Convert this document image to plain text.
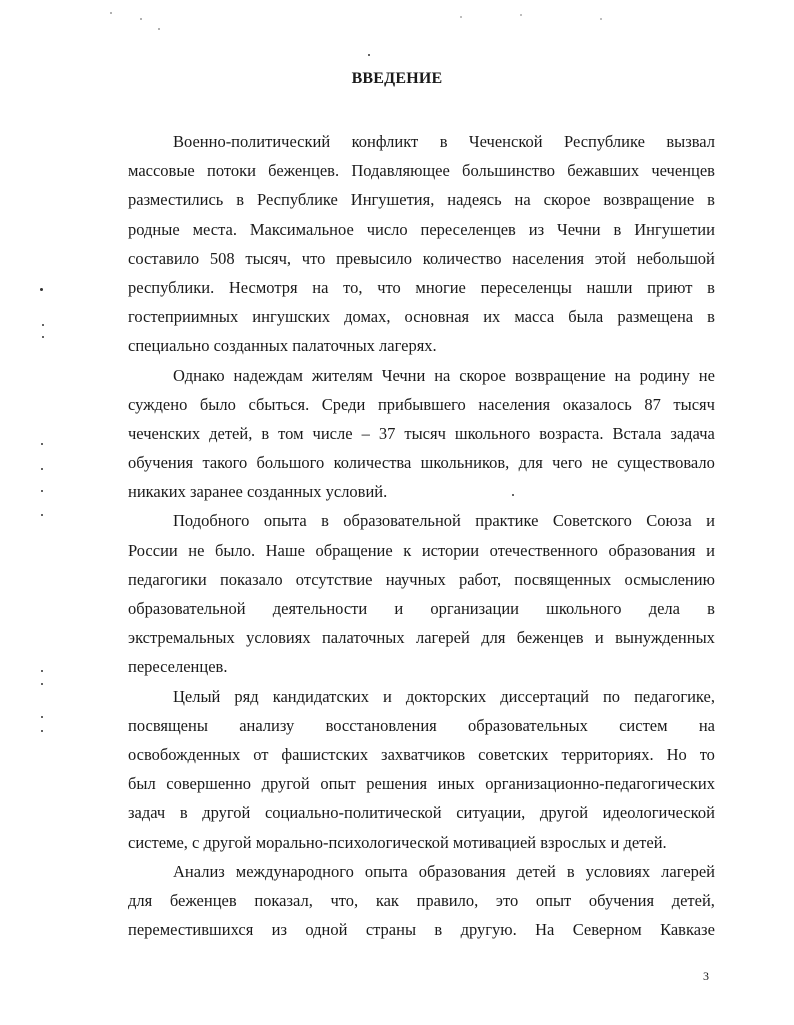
ВВЕДЕНИЕ
Военно-политический конфликт в Чеченской Республике вызвал
массовые потоки беженцев. Подавляющее большинство бежавших чеченцев
разместились в Республике Ингушетия, надеясь на скорое возвращение в
родные места. Максимальное число переселенцев из Чечни в Ингушетии
составило 508 тысяч, что превысило количество населения этой небольшой
республики. Несмотря на то, что многие переселенцы нашли приют в
гостеприимных ингушских домах, основная их масса была размещена в
специально созданных палаточных лагерях.
Однако надеждам жителям Чечни на скорое возвращение на родину не
суждено было сбыться. Среди прибывшего населения оказалось 87 тысяч
чеченских детей, в том числе – 37 тысяч школьного возраста. Встала задача
обучения такого большого количества школьников, для чего не существовало
никаких заранее созданных условий.
Подобного опыта в образовательной практике Советского Союза и
России не было. Наше обращение к истории отечественного образования и
педагогики показало отсутствие научных работ, посвященных осмыслению
образовательной деятельности и организации школьного дела в
экстремальных условиях палаточных лагерей для беженцев и вынужденных
переселенцев.
Целый ряд кандидатских и докторских диссертаций по педагогике,
посвящены анализу восстановления образовательных систем на
освобожденных от фашистских захватчиков советских территориях. Но то
был совершенно другой опыт решения иных организационно-педагогических
задач в другой социально-политической ситуации, другой идеологической
системе, с другой морально-психологической мотивацией взрослых и детей.
Анализ международного опыта образования детей в условиях лагерей
для беженцев показал, что, как правило, это опыт обучения детей,
переместившихся из одной страны в другую. На Северном Кавказе
3
